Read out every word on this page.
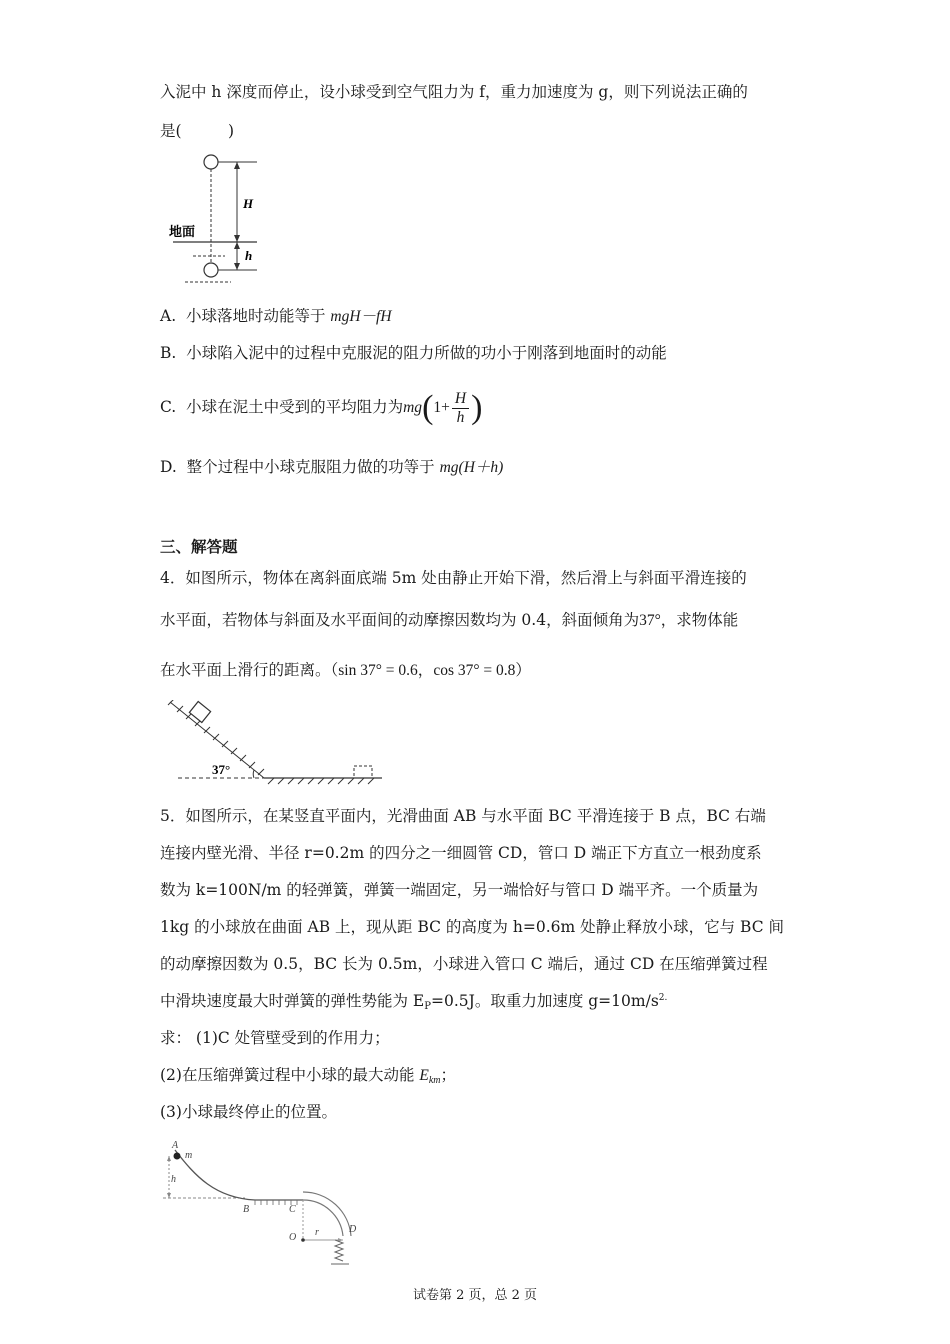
入泥中 h 深度而停止，设小球受到空气阻力为 f，重力加速度为 g，则下列说法正确的
是(　　　)
H
h
地面
A. 小球落地时动能等于 mgH－fH
B. 小球陷入泥中的过程中克服泥的阻力所做的功小于刚落到地面时的动能
C. 小球在泥土中受到的平均阻力为$mg(1+ \frac{H}{h}$ )
D. 整个过程中小球克服阻力做的功等于 mg(H＋h)
三、解答题
4．如图所示，物体在离斜面底端 5m 处由静止开始下滑，然后滑上与斜面平滑连接的
水平面，若物体与斜面及水平面间的动摩擦因数均为 0.4，斜面倾角为37°，求物体能
在水平面上滑行的距离。（sin 37° = 0.6，cos 37° = 0.8）
37°
5．如图所示，在某竖直平面内，光滑曲面 AB 与水平面 BC 平滑连接于 B 点，BC 右端
连接内壁光滑、半径 r=0.2m 的四分之一细圆管 CD，管口 D 端正下方直立一根劲度系
数为 k=100N/m 的轻弹簧，弹簧一端固定，另一端恰好与管口 D 端平齐。一个质量为
1kg 的小球放在曲面 AB 上，现从距 BC 的高度为 h=0.6m 处静止释放小球，它与 BC 间
的动摩擦因数为 0.5，BC 长为 0.5m，小球进入管口 C 端后，通过 CD 在压缩弹簧过程
中滑块速度最大时弹簧的弹性势能为 EP=0.5J。取重力加速度 $g=10m/s^{2.}$
求： (1)C 处管壁受到的作用力；
(2)在压缩弹簧过程中小球的最大动能 Ekm；
(3)小球最终停止的位置。
A
m
h
B	C
O r	D
试卷第 2 页，总 2 页
